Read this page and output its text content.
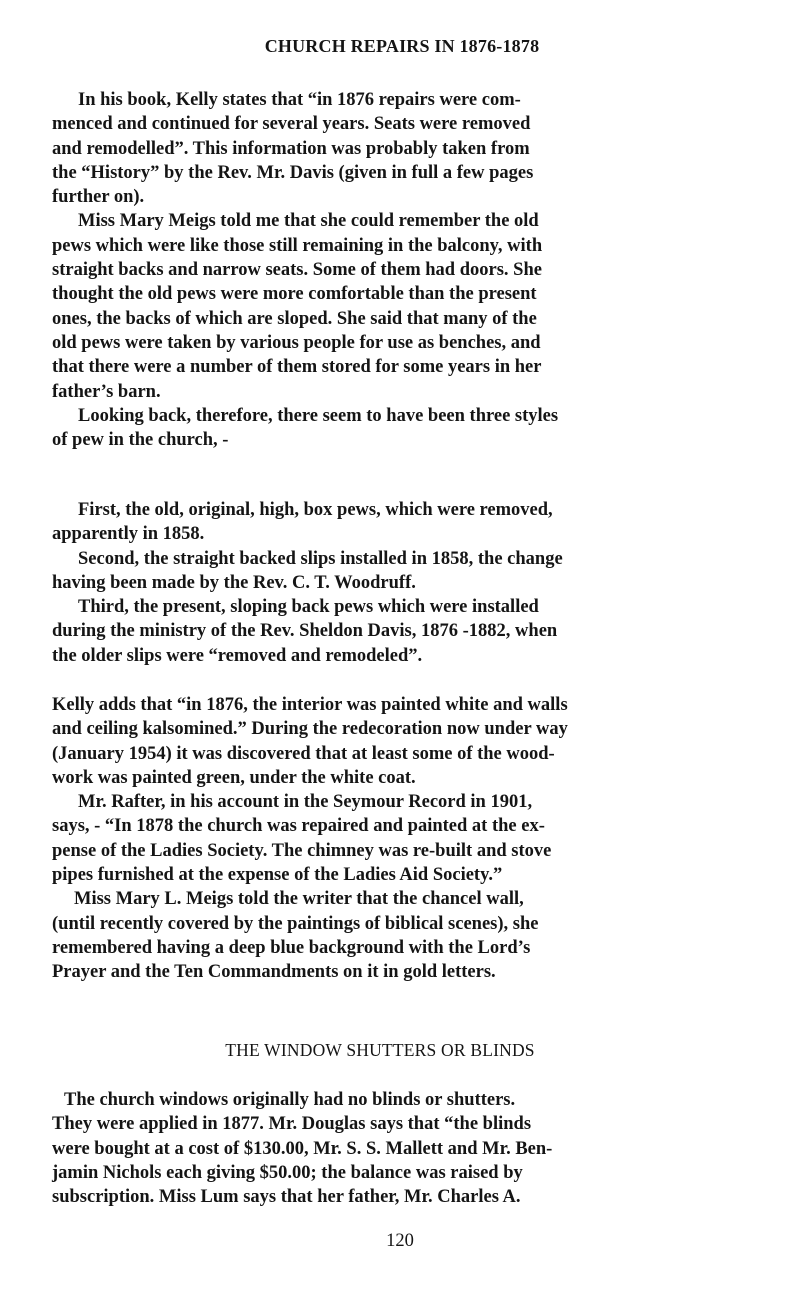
CHURCH REPAIRS IN 1876-1878
In his book, Kelly states that “in 1876 repairs were com-
menced and continued for several years. Seats were removed
and remodelled”. This information was probably taken from
the “History” by the Rev. Mr. Davis (given in full a few pages
further on).
Miss Mary Meigs told me that she could remember the old
pews which were like those still remaining in the balcony, with
straight backs and narrow seats. Some of them had doors. She
thought the old pews were more comfortable than the present
ones, the backs of which are sloped. She said that many of the
old pews were taken by various people for use as benches, and
that there were a number of them stored for some years in her
father’s barn.
Looking back, therefore, there seem to have been three styles
of pew in the church, -
First, the old, original, high, box pews, which were removed,
apparently in 1858.
Second, the straight backed slips installed in 1858, the change
having been made by the Rev. C. T. Woodruff.
Third, the present, sloping back pews which were installed
during the ministry of the Rev. Sheldon Davis, 1876 -1882, when
the older slips were “removed and remodeled”.
Kelly adds that “in 1876, the interior was painted white and walls
and ceiling kalsomined.” During the redecoration now under way
(January 1954) it was discovered that at least some of the wood-
work was painted green, under the white coat.
Mr. Rafter, in his account in the Seymour Record in 1901,
says, - “In 1878 the church was repaired and painted at the ex-
pense of the Ladies Society. The chimney was re-built and stove
pipes furnished at the expense of the Ladies Aid Society.”
Miss Mary L. Meigs told the writer that the chancel wall,
(until recently covered by the paintings of biblical scenes), she
remembered having a deep blue background with the Lord’s
Prayer and the Ten Commandments on it in gold letters.
THE WINDOW SHUTTERS OR BLINDS
The church windows originally had no blinds or shutters.
They were applied in 1877. Mr. Douglas says that “the blinds
were bought at a cost of $130.00, Mr. S. S. Mallett and Mr. Ben-
jamin Nichols each giving $50.00; the balance was raised by
subscription. Miss Lum says that her father, Mr. Charles A.
120
